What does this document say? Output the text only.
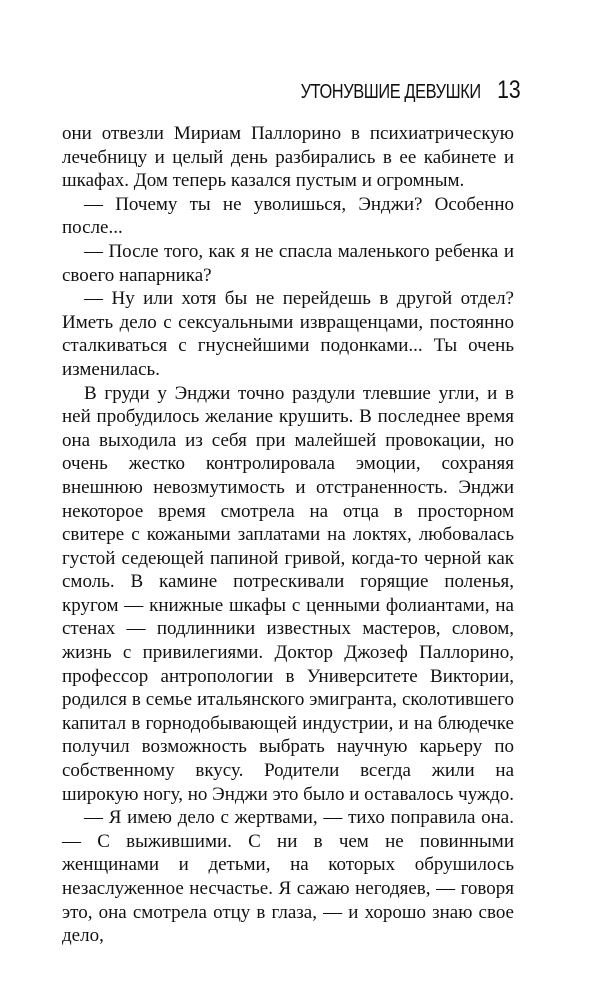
УТОНУВШИЕ ДЕВУШКИ 13

они отвезли Мириам Паллорино в психиатрическую лечебницу и целый день разбирались в ее кабинете и шкафах. Дом теперь казался пустым и огромным.

— Почему ты не уволишься, Энджи? Особенно после...

— После того, как я не спасла маленького ребенка и своего напарника?

— Ну или хотя бы не перейдешь в другой отдел? Иметь дело с сексуальными извращенцами, постоянно сталкиваться с гнуснейшими подонками... Ты очень изменилась.

В груди у Энджи точно раздули тлевшие угли, и в ней пробудилось желание крушить. В последнее время она выходила из себя при малейшей провокации, но очень жестко контролировала эмоции, сохраняя внешнюю невозмутимость и отстраненность. Энджи некоторое время смотрела на отца в просторном свитере с кожаными заплатами на локтях, любовалась густой седеющей папиной гривой, когда-то черной как смоль. В камине потрескивали горящие поленья, кругом — книжные шкафы с ценными фолиантами, на стенах — подлинники известных мастеров, словом, жизнь с привилегиями. Доктор Джозеф Паллорино, профессор антропологии в Университете Виктории, родился в семье итальянского эмигранта, сколотившего капитал в горнодобывающей индустрии, и на блюдечке получил возможность выбрать научную карьеру по собственному вкусу. Родители всегда жили на широкую ногу, но Энджи это было и оставалось чуждо.

— Я имею дело с жертвами, — тихо поправила она. — С выжившими. С ни в чем не повинными женщинами и детьми, на которых обрушилось незаслуженное несчастье. Я сажаю негодяев, — говоря это, она смотрела отцу в глаза, — и хорошо знаю свое дело,
